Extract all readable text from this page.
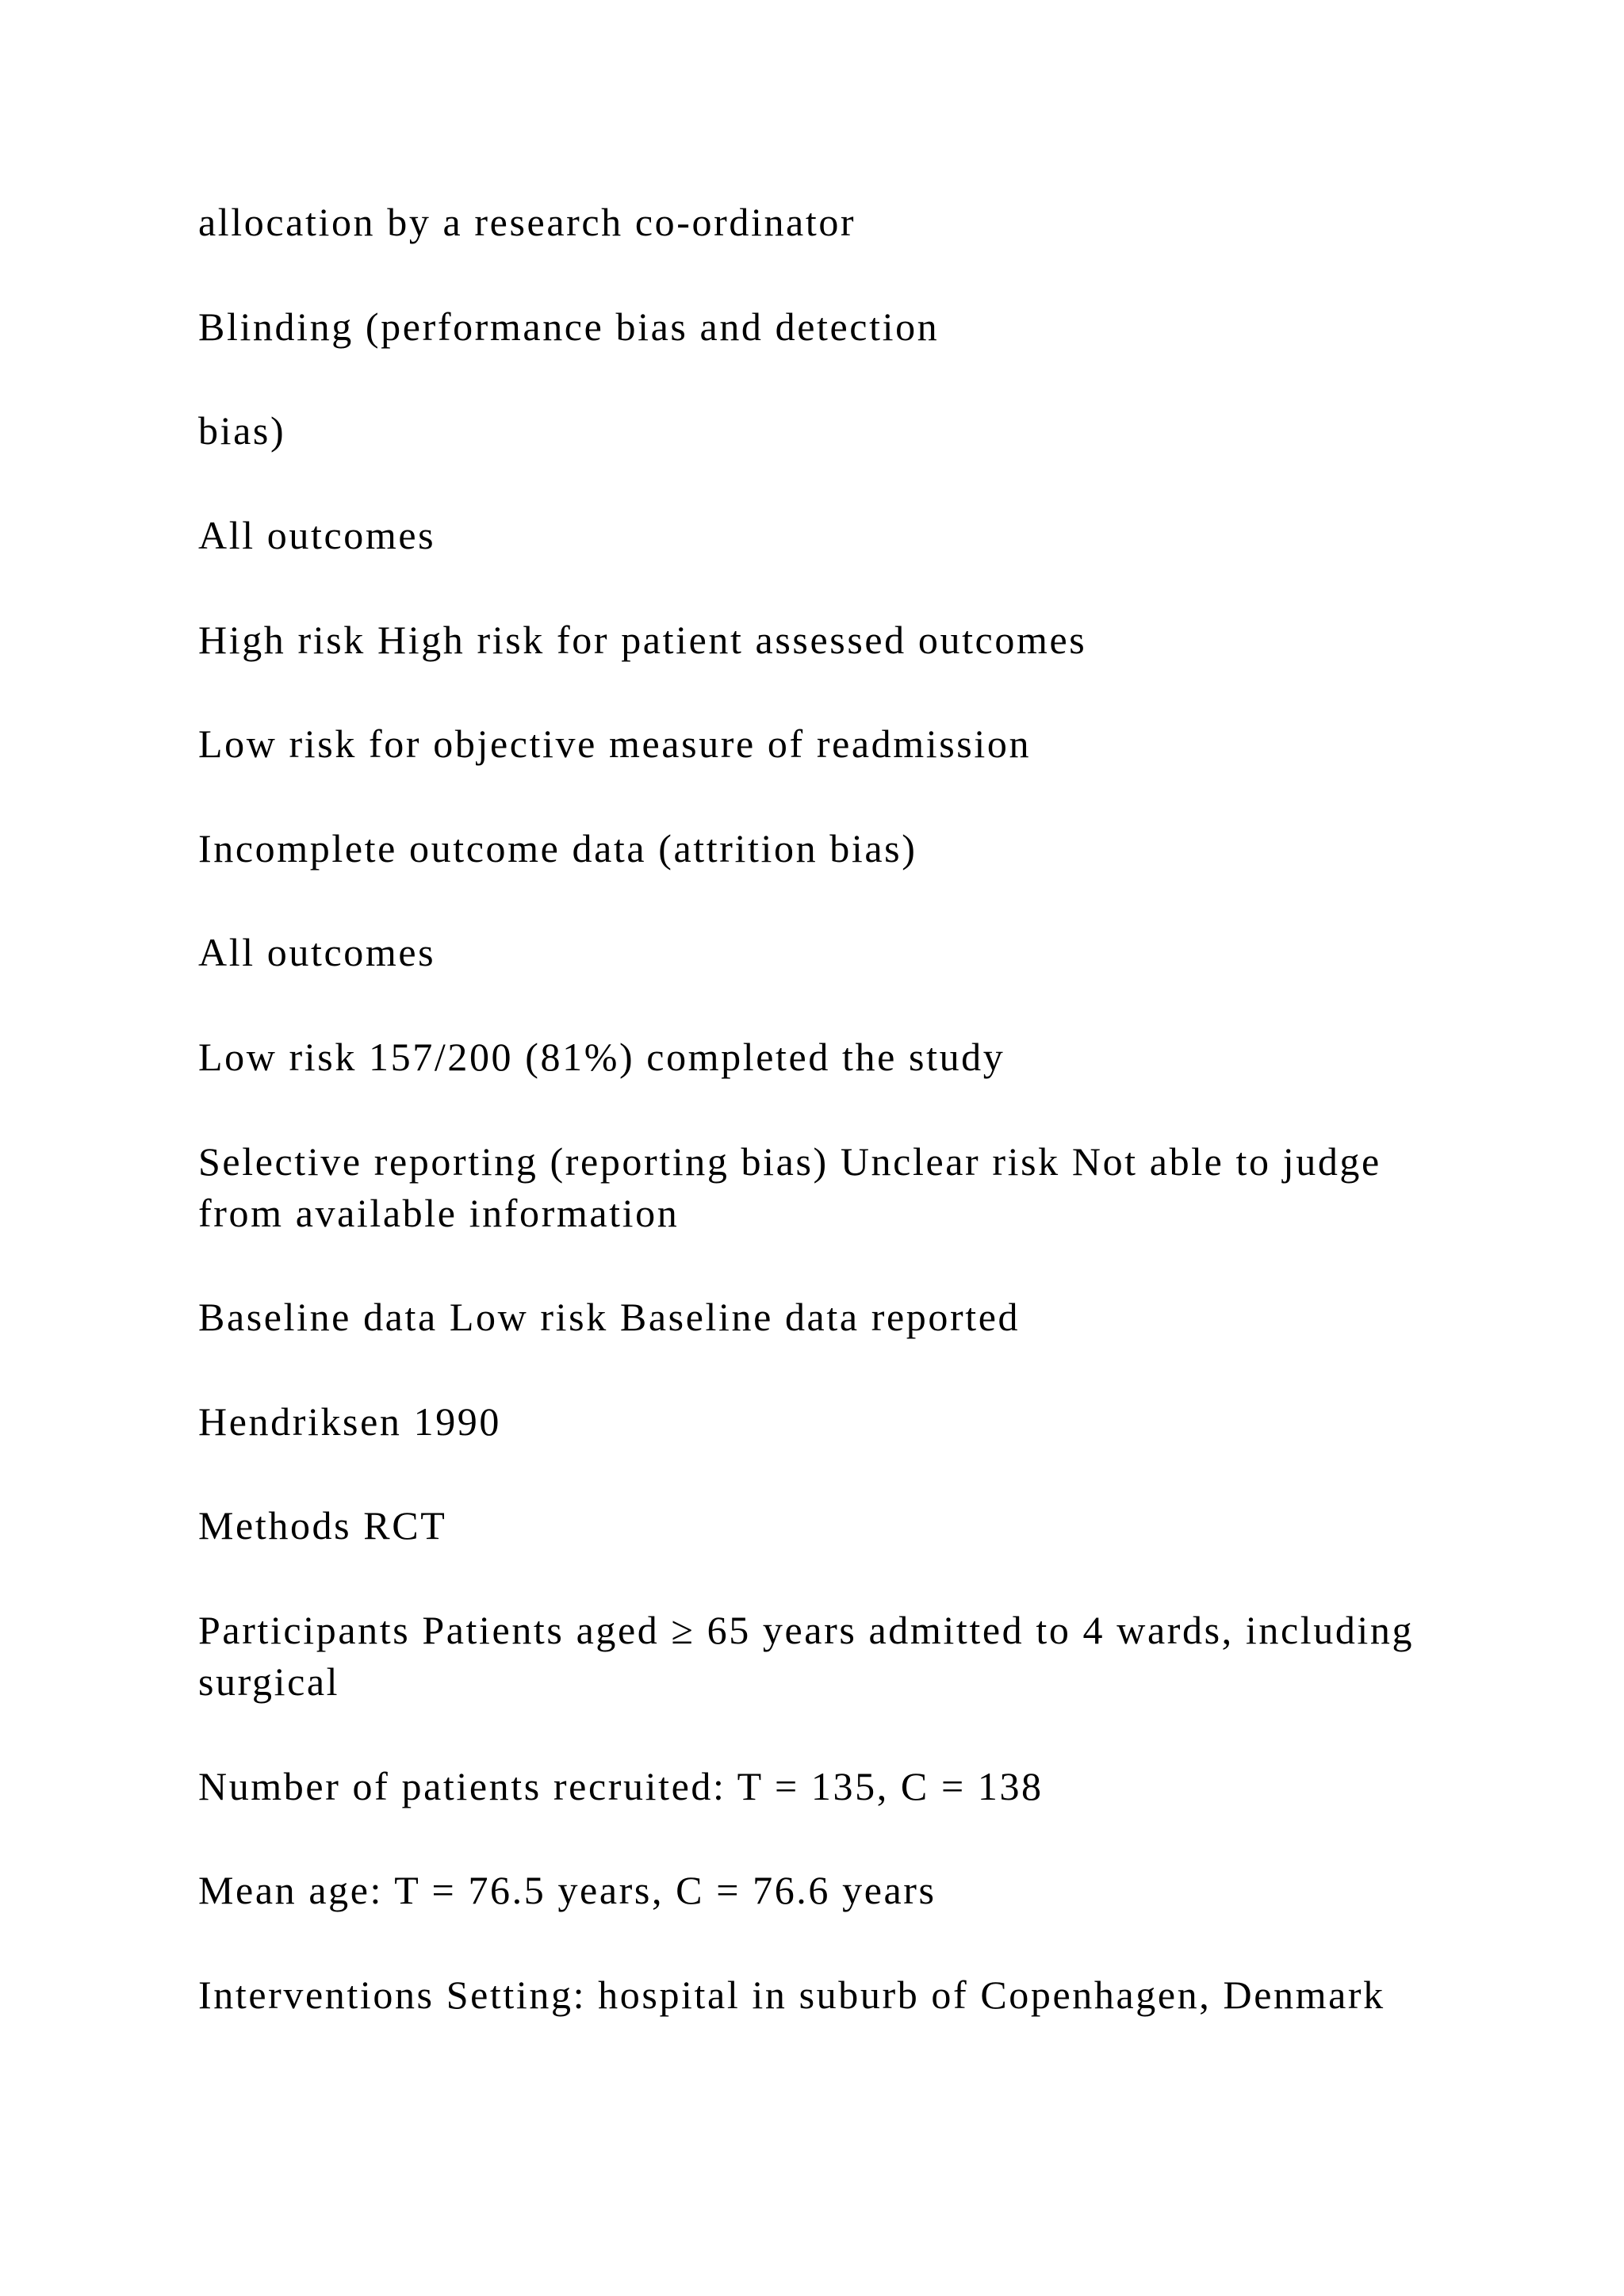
allocation by a research co-ordinator

Blinding (performance bias and detection

bias)

All outcomes

High risk High risk for patient assessed outcomes

Low risk for objective measure of readmission

Incomplete outcome data (attrition bias)

All outcomes

Low risk 157/200 (81%) completed the study

Selective reporting (reporting bias) Unclear risk Not able to judge from available information

Baseline data Low risk Baseline data reported

Hendriksen 1990

Methods RCT

Participants Patients aged ≥ 65 years admitted to 4 wards, including surgical

Number of patients recruited: T = 135, C = 138

Mean age: T = 76.5 years, C = 76.6 years

Interventions Setting: hospital in suburb of Copenhagen, Denmark
